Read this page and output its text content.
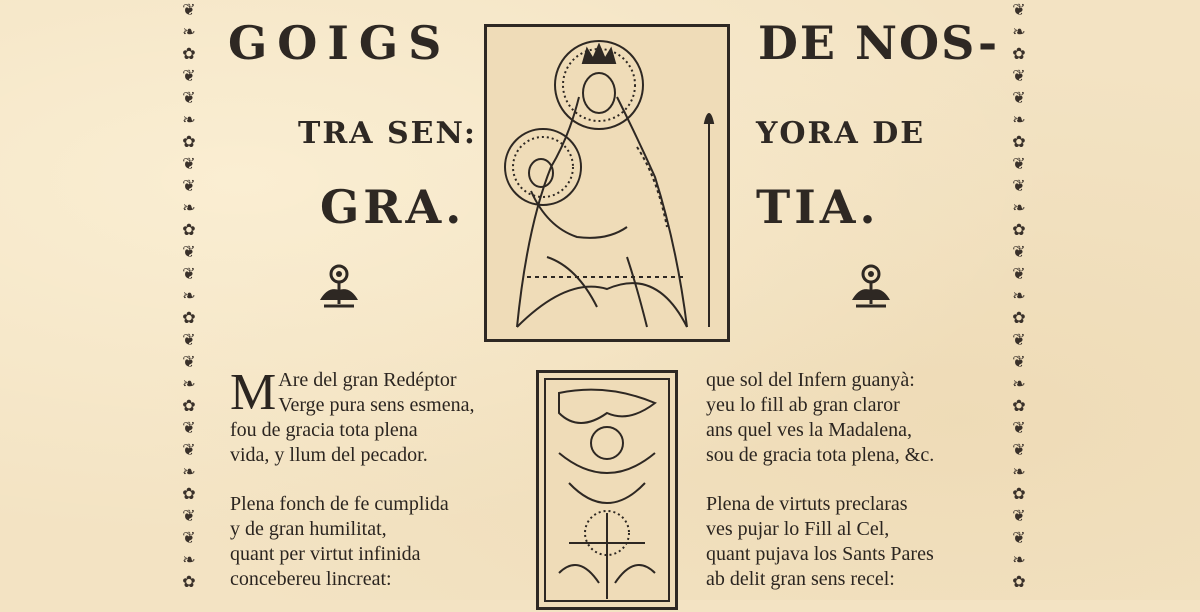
❦
❧
✿
❦
❦
❧
✿
❦
❦
❧
✿
❦
❦
❧
✿
❦
❦
❧
✿
❦
❦
❧
✿
❦
❦
❧
✿
❦
❧
✿
❦
❦
❧
✿
❦
❦
❧
✿
❦
❦
❧
✿
❦
❦
❧
✿
❦
❦
❧
✿
❦
❦
❧
✿
GOIGS	DE NOS-
TRA SEN:	YORA DE
GRA.	TIA.
M Are del gran Redéptor
Verge pura sens esmena,
fou de gracia tota plena
vida, y llum del pecador.
que sol del Infern guanyà:
yeu lo fill ab gran claror
ans quel ves la Madalena,
sou de gracia tota plena, &c.
Plena fonch de fe cumplida
y de gran humilitat,
quant per virtut infinida
concebereu lincreat:
Plena de virtuts preclaras
ves pujar lo Fill al Cel,
quant pujava los Sants Pares
ab delit gran sens recel:
